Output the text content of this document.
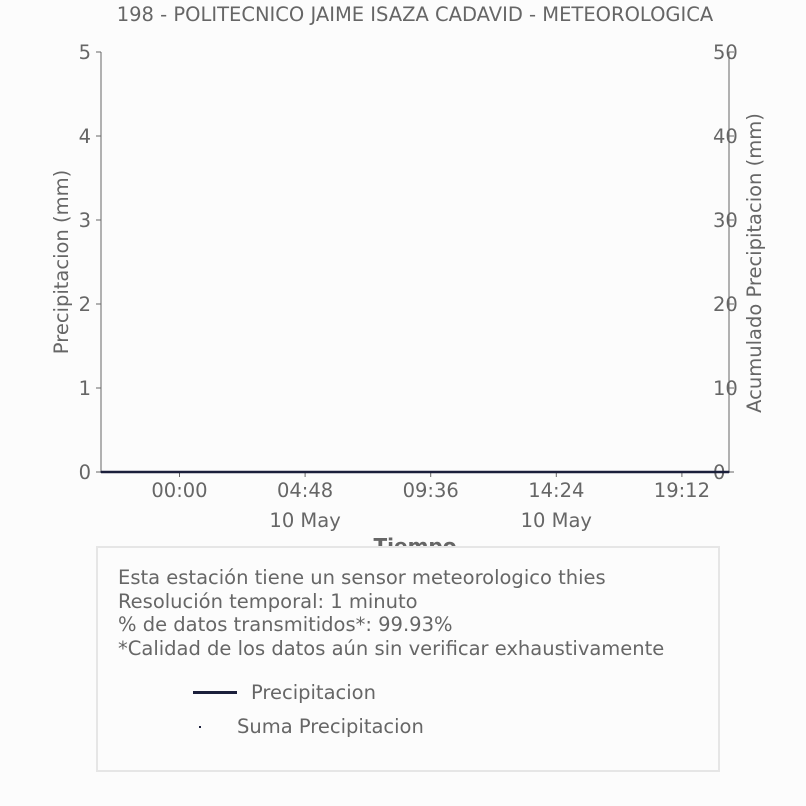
198 - POLITECNICO JAIME ISAZA CADAVID - METEOROLOGICA
0
1
2
3
4
5
0
10
20
30
40
50
00:00	04:48
10 May
09:36	14:24
10 May
19:12
Precipitacion (mm)	Acumulado Precipitacion (mm)
Esta estación tiene un sensor meteorologico thies
Resolución temporal: 1 minuto
% de datos transmitidos*: 99.93%
*Calidad de los datos aún sin verificar exhaustivamente
Precipitacion
Suma Precipitacion
